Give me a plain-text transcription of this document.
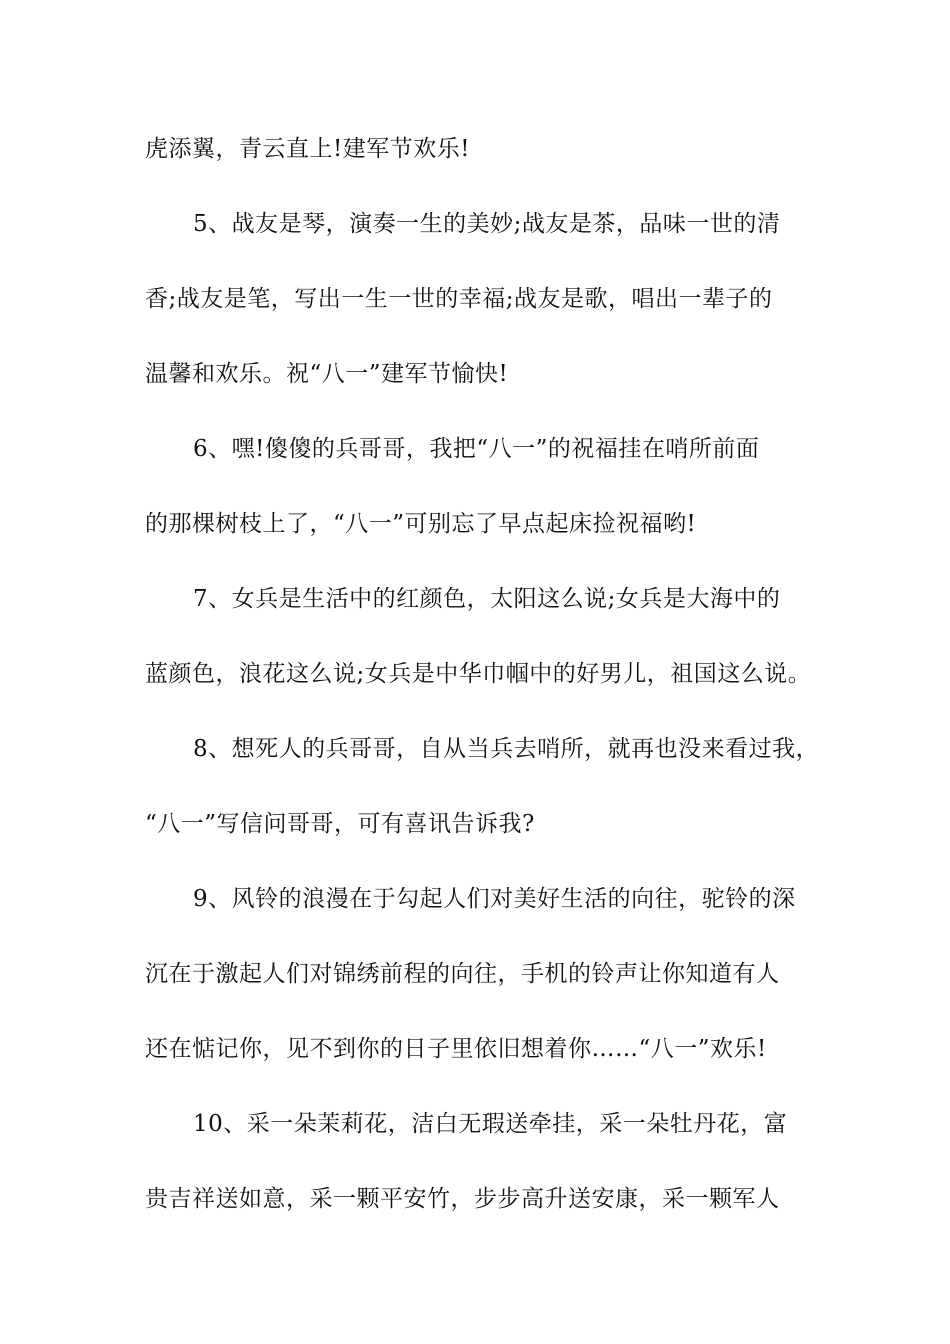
虎添翼，青云直上!建军节欢乐!
5、战友是琴，演奏一生的美妙;战友是茶，品味一世的清
香;战友是笔，写出一生一世的幸福;战友是歌，唱出一辈子的
温馨和欢乐。祝“八一”建军节愉快!
6、嘿!傻傻的兵哥哥，我把“八一”的祝福挂在哨所前面
的那棵树枝上了，“八一”可别忘了早点起床捡祝福哟!
7、女兵是生活中的红颜色，太阳这么说;女兵是大海中的
蓝颜色，浪花这么说;女兵是中华巾帼中的好男儿，祖国这么说。
8、想死人的兵哥哥，自从当兵去哨所，就再也没来看过我，
“八一”写信问哥哥，可有喜讯告诉我?
9、风铃的浪漫在于勾起人们对美好生活的向往，驼铃的深
沉在于激起人们对锦绣前程的向往，手机的铃声让你知道有人
还在惦记你，见不到你的日子里依旧想着你……“八一”欢乐!
10、采一朵茉莉花，洁白无瑕送牵挂，采一朵牡丹花，富
贵吉祥送如意，采一颗平安竹，步步高升送安康，采一颗军人
